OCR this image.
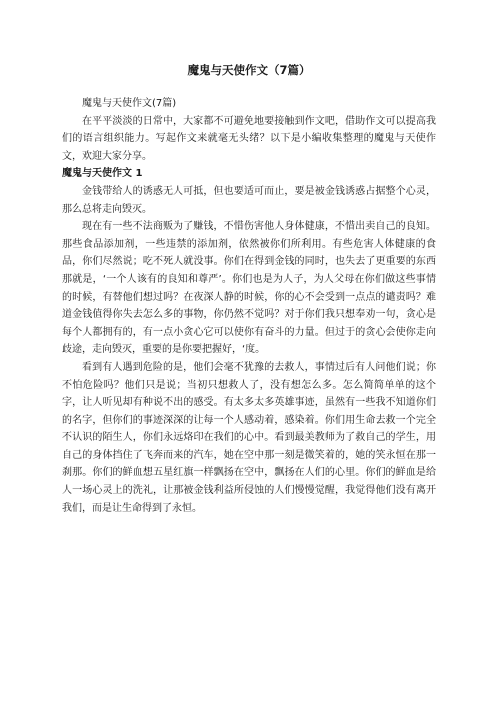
魔鬼与天使作文（7篇）

魔鬼与天使作文(7篇)

在平平淡淡的日常中，大家都不可避免地要接触到作文吧，借助作文可以提高我们的语言组织能力。写起作文来就毫无头绪？以下是小编收集整理的魔鬼与天使作文，欢迎大家分享。

魔鬼与天使作文 1

金钱带给人的诱惑无人可抵，但也要适可而止，要是被金钱诱惑占据整个心灵，那么总将走向毁灭。

现在有一些不法商贩为了赚钱，不惜伤害他人身体健康，不惜出卖自己的良知。那些食品添加剂，一些违禁的添加剂，依然被你们所利用。有些危害人体健康的食品，你们尽然说；吃不死人就没事。你们在得到金钱的同时，也失去了更重要的东西那就是，‘一个人该有的良知和尊严’。你们也是为人子，为人父母在你们做这些事情的时候，有替他们想过吗？在夜深人静的时候，你的心不会受到一点点的谴责吗？难道金钱值得你失去怎么多的事物，你仍然不觉吗？对于你们我只想奉劝一句，贪心是每个人都拥有的，有一点小贪心它可以使你有奋斗的力量。但过于的贪心会使你走向歧途，走向毁灭，重要的是你要把握好，‘度。

看到有人遇到危险的是，他们会毫不犹豫的去救人，事情过后有人问他们说；你不怕危险吗？他们只是说；当初只想救人了，没有想怎么多。怎么简简单单的这个字，让人听见却有种说不出的感受。有太多太多英雄事迹，虽然有一些我不知道你们的名字，但你们的事迹深深的让每一个人感动着，感染着。你们用生命去救一个完全不认识的陌生人，你们永远烙印在我们的心中。看到最美教师为了救自己的学生，用自己的身体挡住了飞奔而来的汽车，她在空中那一刻是微笑着的，她的笑永恒在那一刹那。你们的鲜血想五星红旗一样飘扬在空中，飘扬在人们的心里。你们的鲜血是给人一场心灵上的洗礼，让那被金钱利益所侵蚀的人们慢慢觉醒，我觉得他们没有离开我们，而是让生命得到了永恒。
